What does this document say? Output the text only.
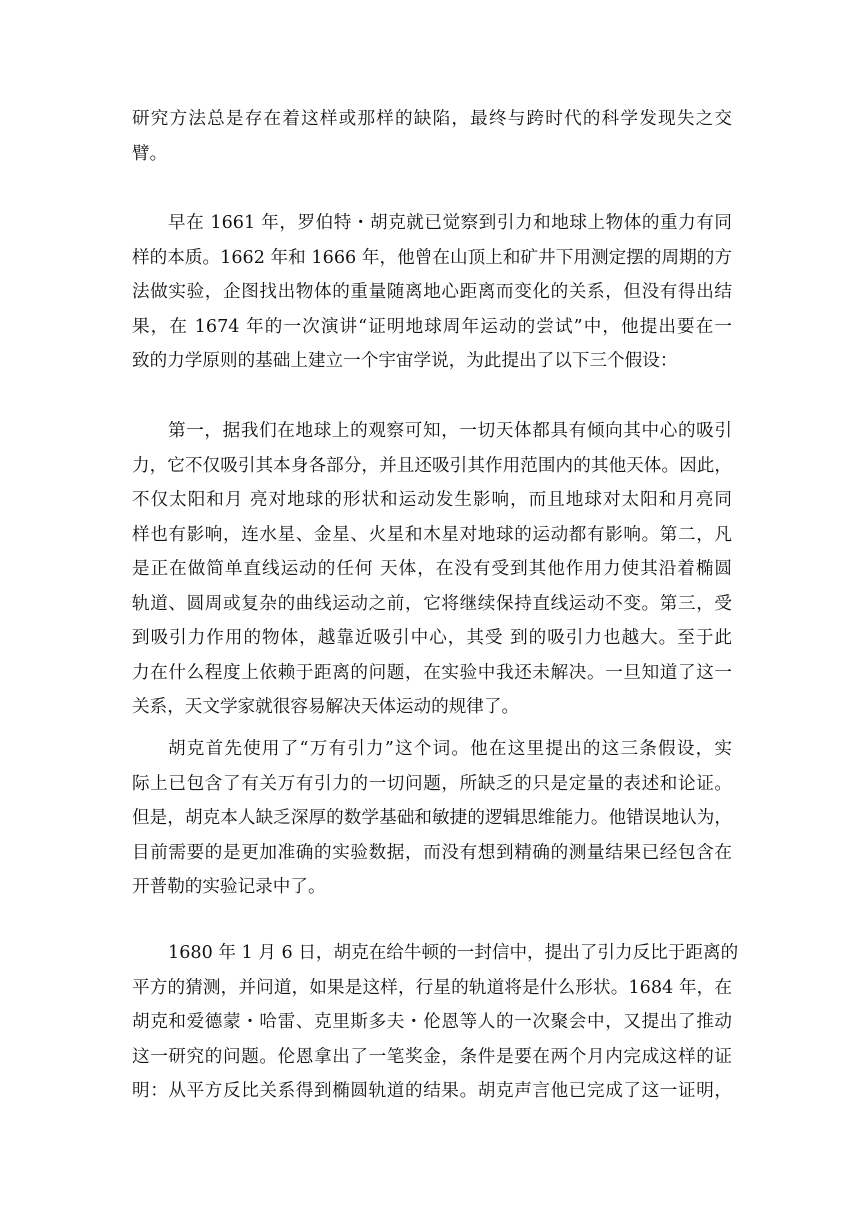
研究方法总是存在着这样或那样的缺陷，最终与跨时代的科学发现失之交
臂。
早在 1661 年，罗伯特・胡克就已觉察到引力和地球上物体的重力有同
样的本质。1662 年和 1666 年，他曾在山顶上和矿井下用测定摆的周期的方
法做实验，企图找出物体的重量随离地心距离而变化的关系，但没有得出结
果，在 1674 年的一次演讲“证明地球周年运动的尝试”中，他提出要在一
致的力学原则的基础上建立一个宇宙学说，为此提出了以下三个假设：
第一，据我们在地球上的观察可知，一切天体都具有倾向其中心的吸引
力，它不仅吸引其本身各部分，并且还吸引其作用范围内的其他天体。因此，
不仅太阳和月 亮对地球的形状和运动发生影响，而且地球对太阳和月亮同
样也有影响，连水星、金星、火星和木星对地球的运动都有影响。第二，凡
是正在做简单直线运动的任何 天体，在没有受到其他作用力使其沿着椭圆
轨道、圆周或复杂的曲线运动之前，它将继续保持直线运动不变。第三，受
到吸引力作用的物体，越靠近吸引中心，其受 到的吸引力也越大。至于此
力在什么程度上依赖于距离的问题，在实验中我还未解决。一旦知道了这一
关系，天文学家就很容易解决天体运动的规律了。
胡克首先使用了“万有引力”这个词。他在这里提出的这三条假设，实
际上已包含了有关万有引力的一切问题，所缺乏的只是定量的表述和论证。
但是，胡克本人缺乏深厚的数学基础和敏捷的逻辑思维能力。他错误地认为，
目前需要的是更加准确的实验数据，而没有想到精确的测量结果已经包含在
开普勒的实验记录中了。
1680 年 1 月 6 日，胡克在给牛顿的一封信中，提出了引力反比于距离的
平方的猜测，并问道，如果是这样，行星的轨道将是什么形状。1684 年，在
胡克和爱德蒙・哈雷、克里斯多夫・伦恩等人的一次聚会中，又提出了推动
这一研究的问题。伦恩拿出了一笔奖金，条件是要在两个月内完成这样的证
明：从平方反比关系得到椭圆轨道的结果。胡克声言他已完成了这一证明，
